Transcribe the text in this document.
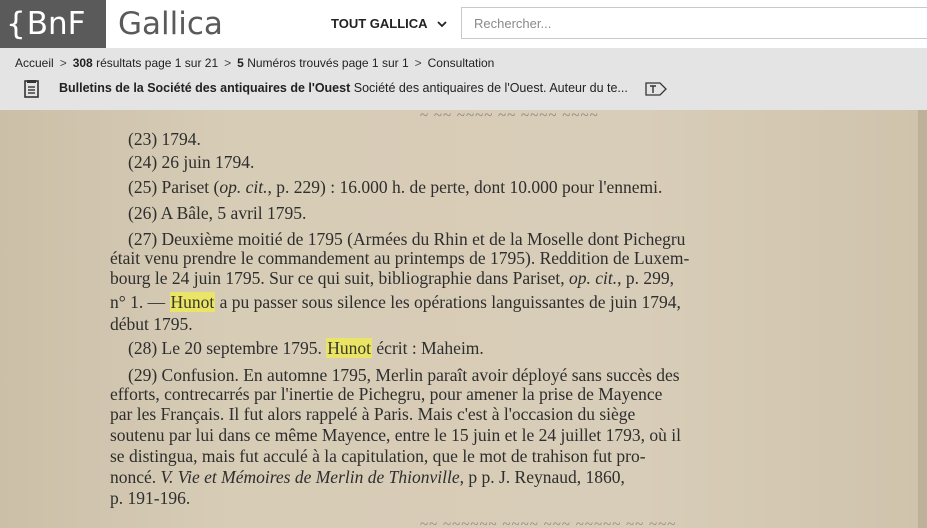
{BnF	Gallica	TOUT GALLICA
Rechercher...
Accueil > 308 résultats page 1 sur 21 > 5 Numéros trouvés page 1 sur 1 > Consultation
Bulletins de la Société des antiquaires de l'Ouest Société des antiquaires de l'Ouest. Auteur du te...
~ ~~ ~~~~ ~~ ~~~~ ~~~~
(23) 1794.
(24) 26 juin 1794.
(25) Pariset (op. cit., p. 229) : 16.000 h. de perte, dont 10.000 pour l'ennemi.
(26) A Bâle, 5 avril 1795.
(27) Deuxième moitié de 1795 (Armées du Rhin et de la Moselle dont Pichegru
était venu prendre le commandement au printemps de 1795). Reddition de Luxem-
bourg le 24 juin 1795. Sur ce qui suit, bibliographie dans Pariset, op. cit., p. 299,
n° 1. — Hunot a pu passer sous silence les opérations languissantes de juin 1794,
début 1795.
(28) Le 20 septembre 1795. Hunot écrit : Maheim.
(29) Confusion. En automne 1795, Merlin paraît avoir déployé sans succès des
efforts, contrecarrés par l'inertie de Pichegru, pour amener la prise de Mayence
par les Français. Il fut alors rappelé à Paris. Mais c'est à l'occasion du siège
soutenu par lui dans ce même Mayence, entre le 15 juin et le 24 juillet 1793, où il
se distingua, mais fut acculé à la capitulation, que le mot de trahison fut pro-
noncé. V. Vie et Mémoires de Merlin de Thionville, p p. J. Reynaud, 1860,
p. 191-196.
~~ ~~~~~~ ~~~~ ~~~ ~~~~~ ~~ ~~~
